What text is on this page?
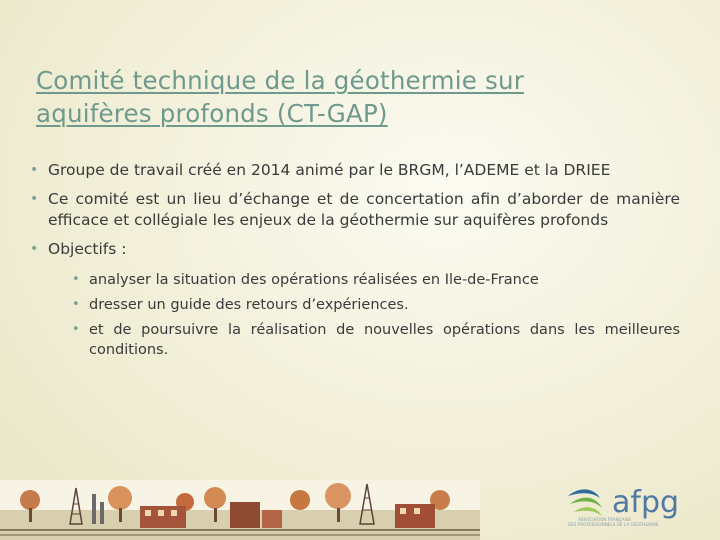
Comité technique de la géothermie sur
aquifères profonds (CT-GAP)
• Groupe de travail créé en 2014 animé par le BRGM, l’ADEME et la DRIEE
• Ce comité est un lieu d’échange et de concertation afin d’aborder de manière efficace et collégiale les enjeux de la géothermie sur aquifères profonds
• Objectifs :
• analyser la situation des opérations réalisées en Ile-de-France
• dresser un guide des retours d’expériences.
• et de poursuivre la réalisation de nouvelles opérations dans les meilleures conditions.
afpg
ASSOCIATION FRANÇAISE
DES PROFESSIONNELS DE LA GÉOTHERMIE
